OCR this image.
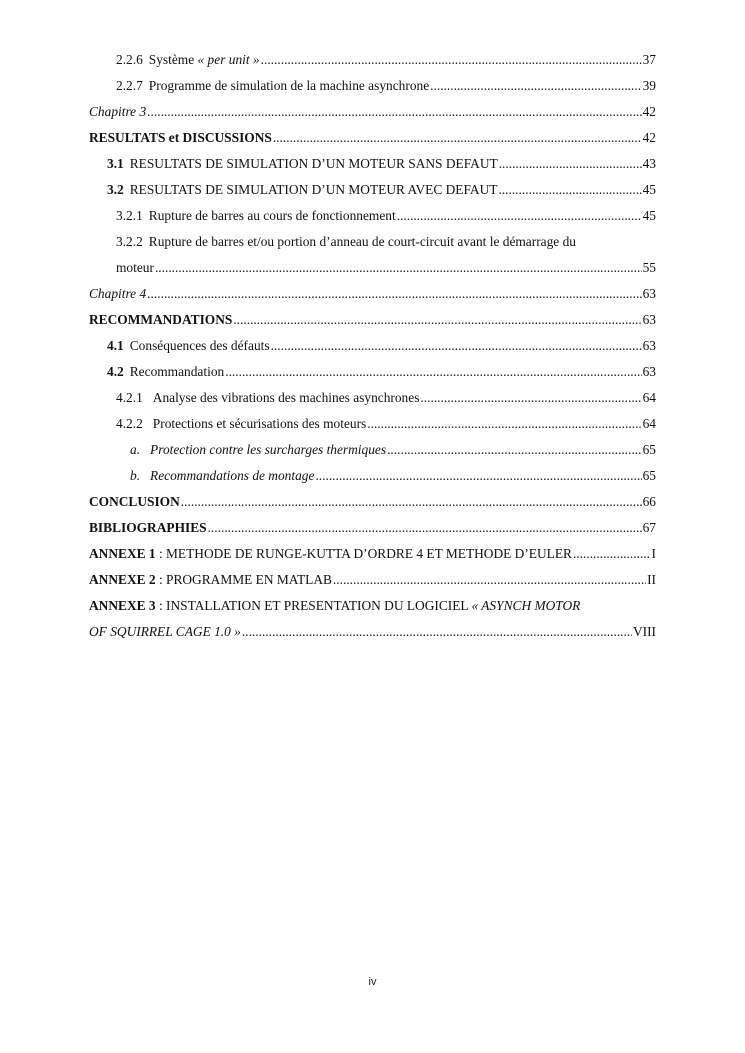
2.2.6 Système « per unit » .....	37
2.2.7 Programme de simulation de la machine asynchrone .....	39
Chapitre 3 .....	42
RESULTATS et DISCUSSIONS .....	42
3.1 RESULTATS DE SIMULATION D’UN MOTEUR SANS DEFAUT .....	43
3.2 RESULTATS DE SIMULATION D’UN MOTEUR AVEC DEFAUT .....	45
3.2.1 Rupture de barres au cours de fonctionnement .....	45
3.2.2 Rupture de barres et/ou portion d’anneau de court-circuit avant le démarrage du
moteur .....	55
Chapitre 4 .....	63
RECOMMANDATIONS .....	63
4.1 Conséquences des défauts .....	63
4.2 Recommandation .....	63
4.2.1 Analyse des vibrations des machines asynchrones .....	64
4.2.2 Protections et sécurisations des moteurs .....	64
a. Protection contre les surcharges thermiques .....	65
b. Recommandations de montage .....	65
CONCLUSION .....	66
BIBLIOGRAPHIES .....	67
ANNEXE 1 : METHODE DE RUNGE-KUTTA D’ORDRE 4 ET METHODE D’EULER .....	I
ANNEXE 2 : PROGRAMME EN MATLAB .....	II
ANNEXE 3 : INSTALLATION ET PRESENTATION DU LOGICIEL « ASYNCH MOTOR
OF SQUIRREL CAGE 1.0 » .....	VIII
iv
